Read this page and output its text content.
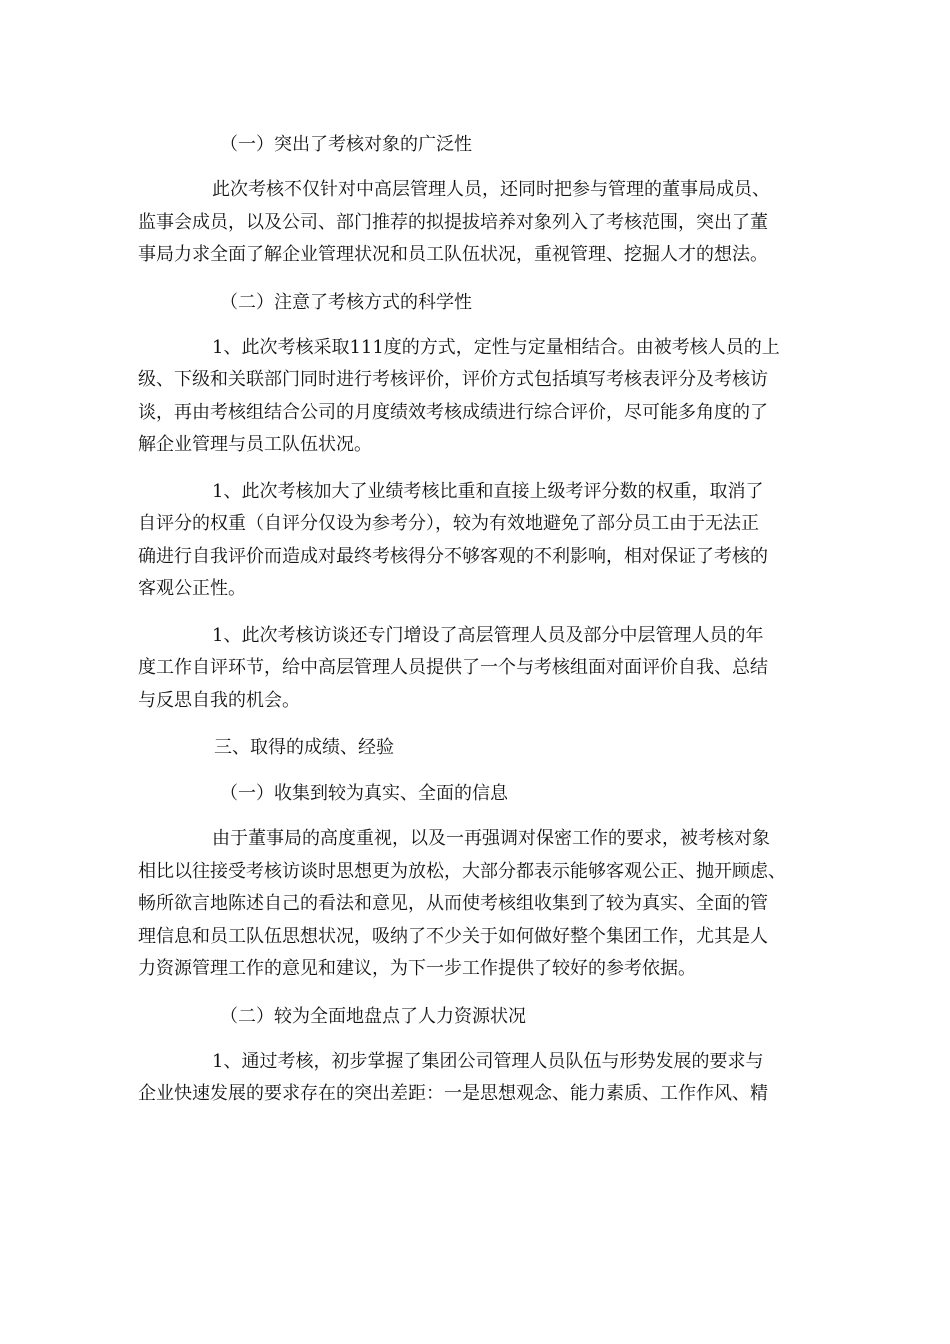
（一）突出了考核对象的广泛性
此次考核不仅针对中高层管理人员，还同时把参与管理的董事局成员、
监事会成员，以及公司、部门推荐的拟提拔培养对象列入了考核范围，突出了董
事局力求全面了解企业管理状况和员工队伍状况，重视管理、挖掘人才的想法。
（二）注意了考核方式的科学性
1、此次考核采取111度的方式，定性与定量相结合。由被考核人员的上
级、下级和关联部门同时进行考核评价，评价方式包括填写考核表评分及考核访
谈，再由考核组结合公司的月度绩效考核成绩进行综合评价，尽可能多角度的了
解企业管理与员工队伍状况。
1、此次考核加大了业绩考核比重和直接上级考评分数的权重，取消了
自评分的权重（自评分仅设为参考分），较为有效地避免了部分员工由于无法正
确进行自我评价而造成对最终考核得分不够客观的不利影响，相对保证了考核的
客观公正性。
1、此次考核访谈还专门增设了高层管理人员及部分中层管理人员的年
度工作自评环节，给中高层管理人员提供了一个与考核组面对面评价自我、总结
与反思自我的机会。
三、取得的成绩、经验
（一）收集到较为真实、全面的信息
由于董事局的高度重视，以及一再强调对保密工作的要求，被考核对象
相比以往接受考核访谈时思想更为放松，大部分都表示能够客观公正、抛开顾虑、
畅所欲言地陈述自己的看法和意见，从而使考核组收集到了较为真实、全面的管
理信息和员工队伍思想状况，吸纳了不少关于如何做好整个集团工作，尤其是人
力资源管理工作的意见和建议，为下一步工作提供了较好的参考依据。
（二）较为全面地盘点了人力资源状况
1、通过考核，初步掌握了集团公司管理人员队伍与形势发展的要求与
企业快速发展的要求存在的突出差距：一是思想观念、能力素质、工作作风、精
